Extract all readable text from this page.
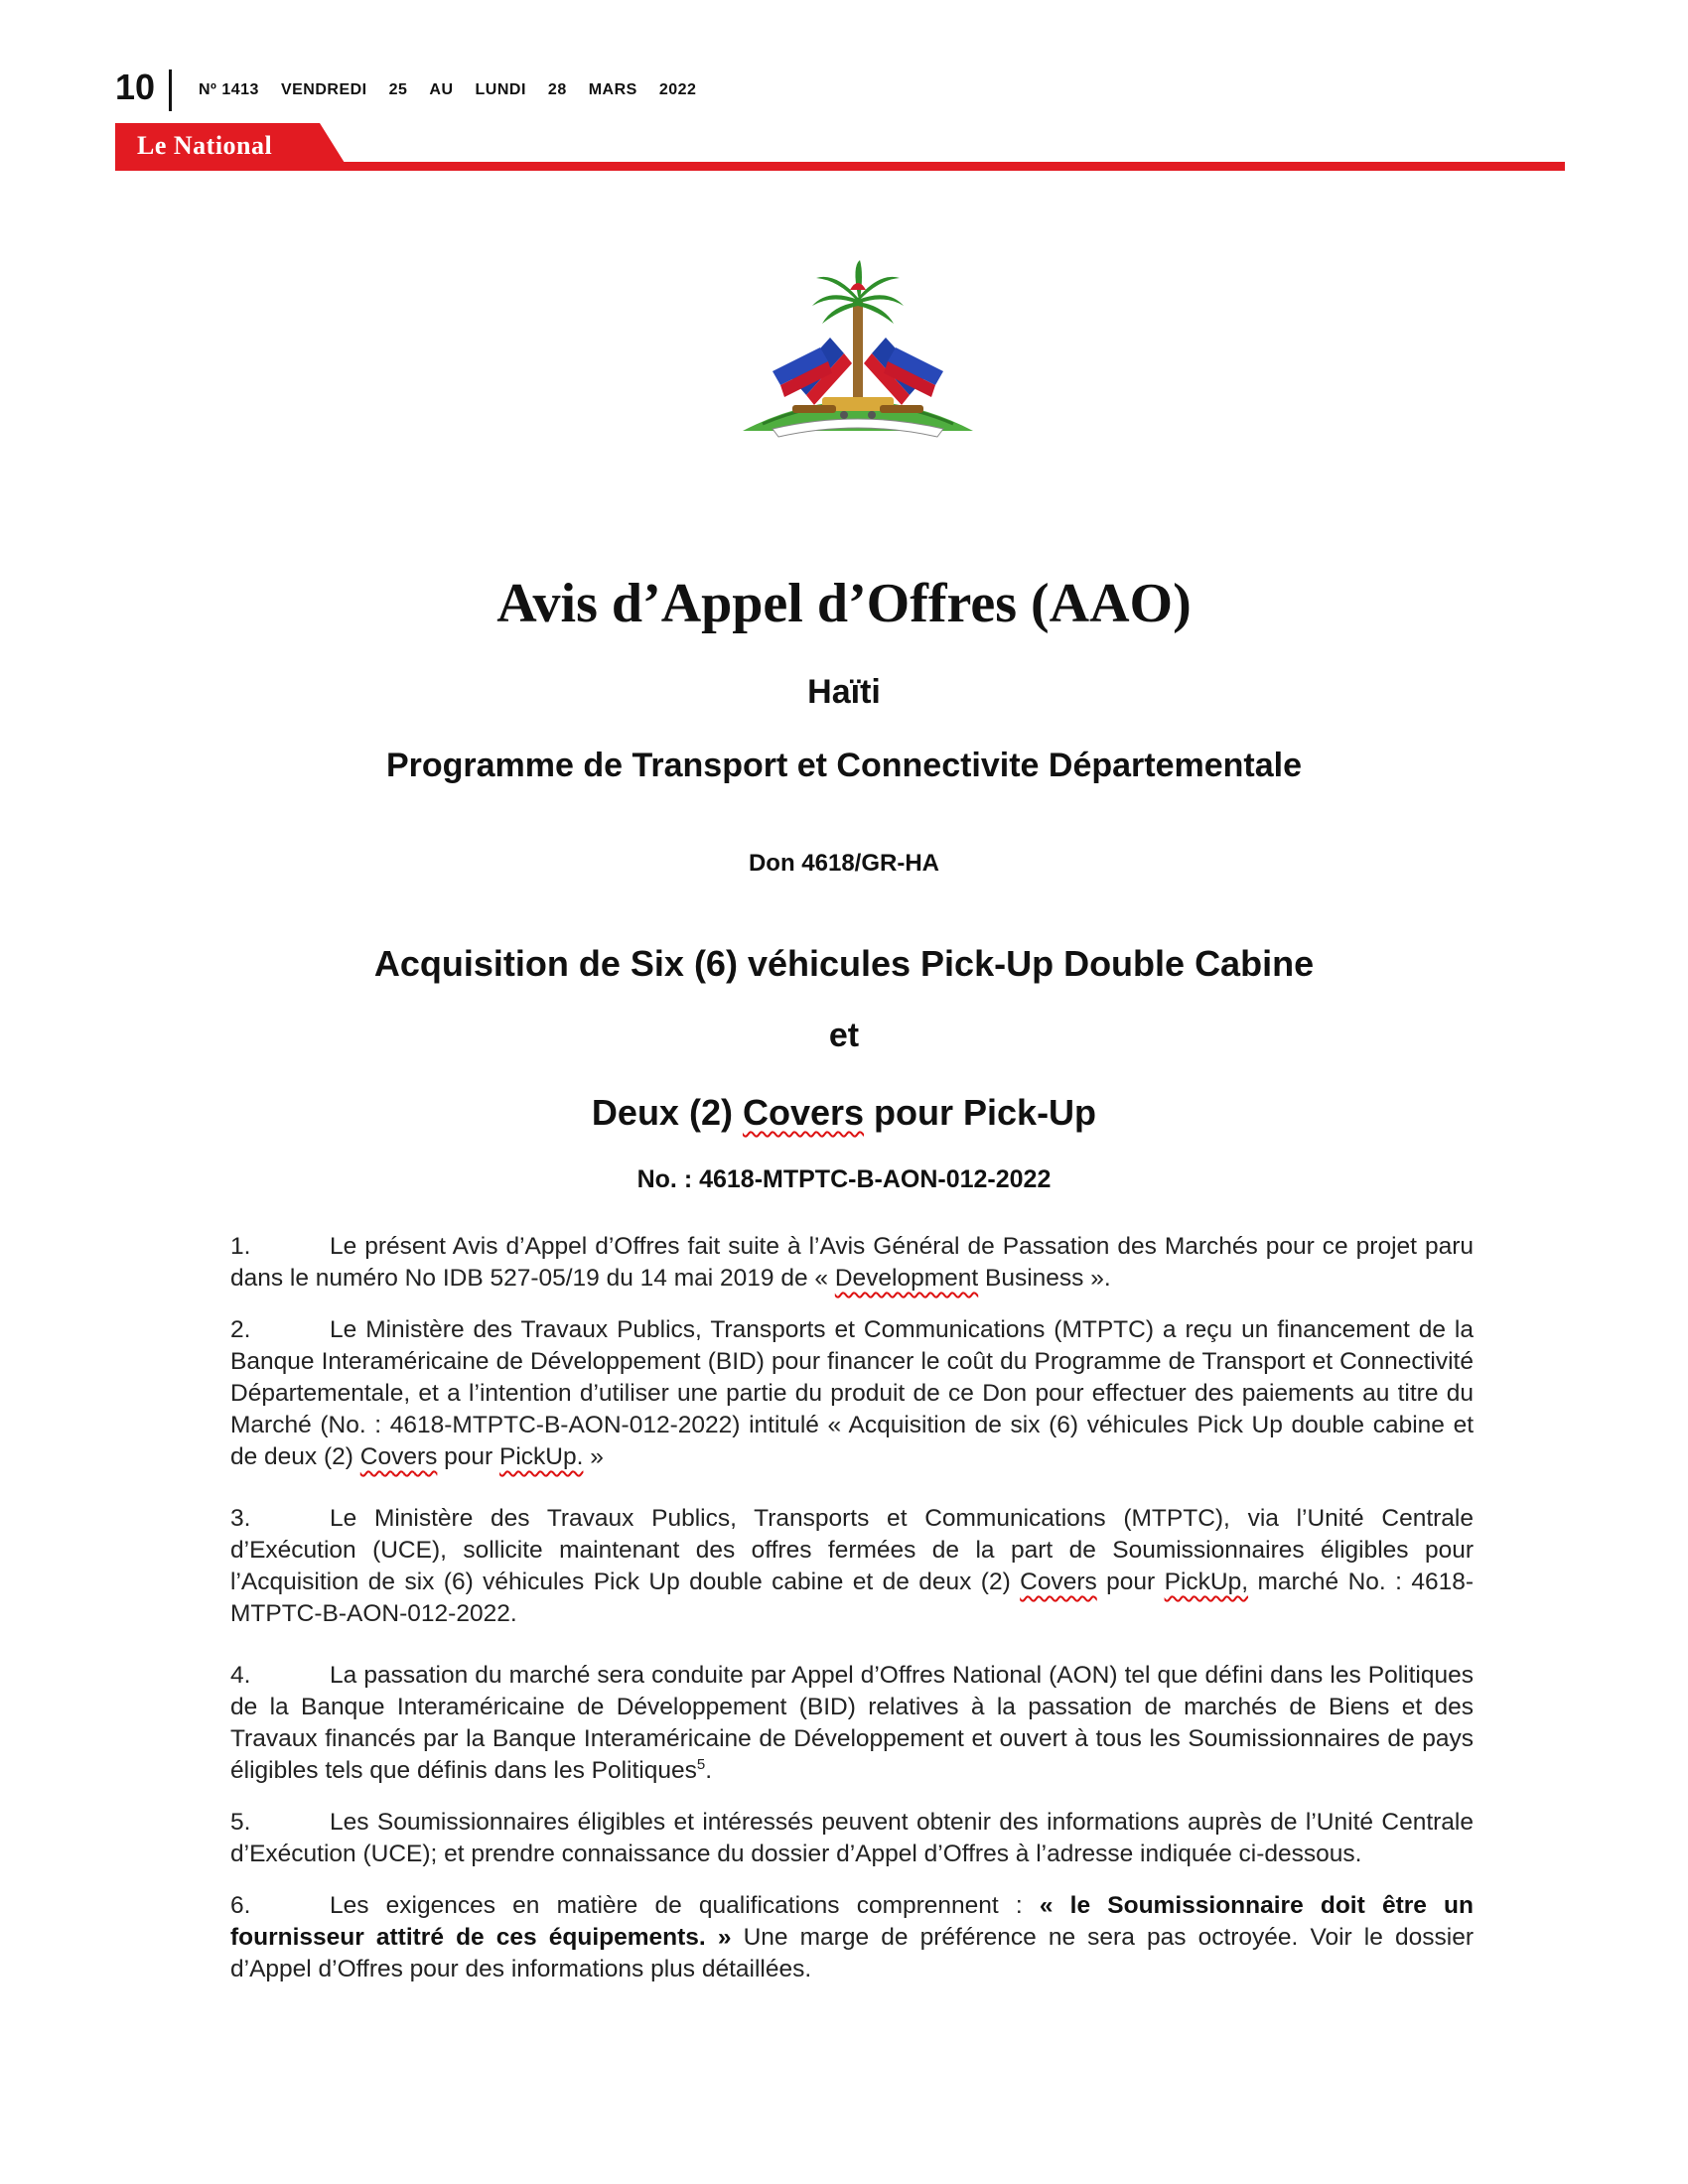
10	Nº 1413 VENDREDI 25 AU LUNDI 28 MARS 2022
Le National
Avis d’Appel d’Offres (AAO)
Haïti
Programme de Transport et Connectivite Départementale
Don 4618/GR-HA
Acquisition de Six (6) véhicules Pick-Up Double Cabine
et
Deux (2) Covers pour Pick-Up
No. : 4618-MTPTC-B-AON-012-2022

1.	Le présent Avis d’Appel d’Offres fait suite à l’Avis Général de Passation des Marchés pour ce projet paru dans le numéro No IDB 527-05/19 du 14 mai 2019 de « Development Business ».

2.	Le Ministère des Travaux Publics, Transports et Communications (MTPTC) a reçu un financement de la Banque Interaméricaine de Développement (BID) pour financer le coût du Programme de Transport et Connectivité Départementale, et a l’intention d’utiliser une partie du produit de ce Don pour effectuer des paiements au titre du Marché (No. : 4618-MTPTC-B-AON-012-2022) intitulé « Acquisition de six (6) véhicules Pick Up double cabine et de deux (2) Covers pour PickUp. »

3.	Le Ministère des Travaux Publics, Transports et Communications (MTPTC), via l’Unité Centrale d’Exécution (UCE), sollicite maintenant des offres fermées de la part de Soumissionnaires éligibles pour l’Acquisition de six (6) véhicules Pick Up double cabine et de deux (2) Covers pour PickUp, marché No. : 4618-MTPTC-B-AON-012-2022.

4.	La passation du marché sera conduite par Appel d’Offres National (AON) tel que défini dans les Politiques de la Banque Interaméricaine de Développement (BID) relatives à la passation de marchés de Biens et des Travaux financés par la Banque Interaméricaine de Développement et ouvert à tous les Soumissionnaires de pays éligibles tels que définis dans les Politiques$^5$.

5.	Les Soumissionnaires éligibles et intéressés peuvent obtenir des informations auprès de l’Unité Centrale d’Exécution (UCE); et prendre connaissance du dossier d’Appel d’Offres à l’adresse indiquée ci-dessous.

6.	Les exigences en matière de qualifications comprennent : « le Soumissionnaire doit être un fournisseur attitré de ces équipements. » Une marge de préférence ne sera pas octroyée. Voir le dossier d’Appel d’Offres pour des informations plus détaillées.
